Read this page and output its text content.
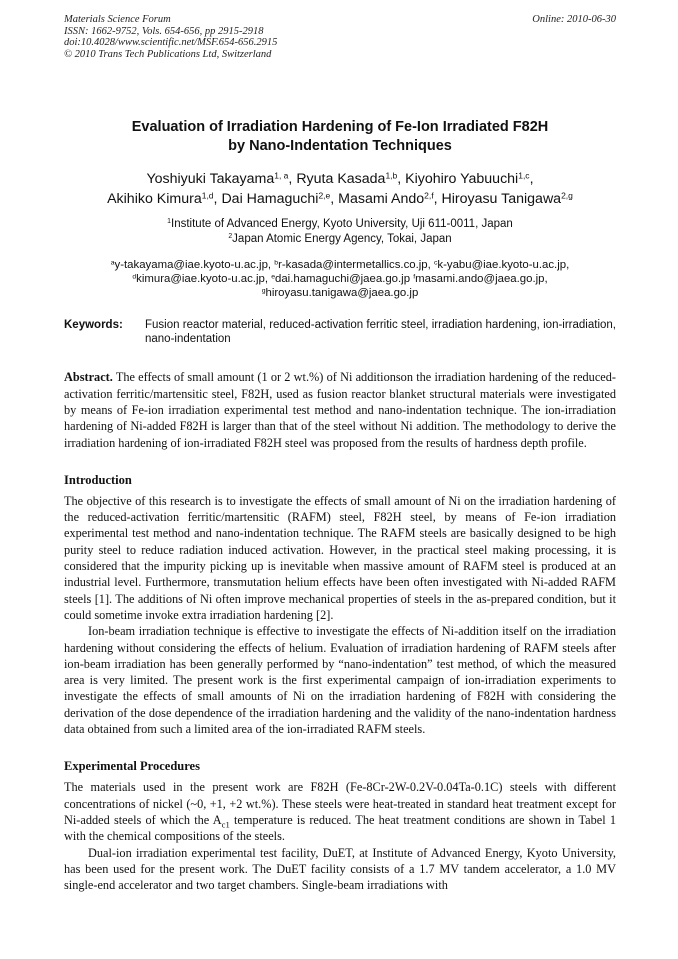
Materials Science Forum
ISSN: 1662-9752, Vols. 654-656, pp 2915-2918
doi:10.4028/www.scientific.net/MSF.654-656.2915
© 2010 Trans Tech Publications Ltd, Switzerland
Online: 2010-06-30
Evaluation of Irradiation Hardening of Fe-Ion Irradiated F82H
by Nano-Indentation Techniques
Yoshiyuki Takayama$^{1, a}$, Ryuta Kasada$^{1,b}$, Kiyohiro Yabuuchi$^{1,c}$,
Akihiko Kimura$^{1,d}$, Dai Hamaguchi$^{2,e}$, Masami Ando$^{2,f}$, Hiroyasu Tanigawa$^{2,g}$
$^1$Institute of Advanced Energy, Kyoto University, Uji 611-0011, Japan
$^2$Japan Atomic Energy Agency, Tokai, Japan
$^a$y-takayama@iae.kyoto-u.ac.jp, $^b$r-kasada@intermetallics.co.jp, $^c$k-yabu@iae.kyoto-u.ac.jp,
$^d$kimura@iae.kyoto-u.ac.jp, $^e$dai.hamaguchi@jaea.go.jp $^f$masami.ando@jaea.go.jp,
$^g$hiroyasu.tanigawa@jaea.go.jp
Keywords:	Fusion reactor material, reduced-activation ferritic steel, irradiation hardening, ion-irradiation, nano-indentation
Abstract. The effects of small amount (1 or 2 wt.%) of Ni additionson the irradiation hardening of the reduced-activation ferritic/martensitic steel, F82H, used as fusion reactor blanket structural materials were investigated by means of Fe-ion irradiation experimental test method and nano-indentation technique. The ion-irradiation hardening of Ni-added F82H is larger than that of the steel without Ni addition. The methodology to derive the irradiation hardening of ion-irradiated F82H steel was proposed from the results of hardness depth profile.
Introduction

The objective of this research is to investigate the effects of small amount of Ni on the irradiation hardening of the reduced-activation ferritic/martensitic (RAFM) steel, F82H steel, by means of Fe-ion irradiation experimental test method and nano-indentation technique. The RAFM steels are basically designed to be high purity steel to reduce radiation induced activation. However, in the practical steel making processing, it is considered that the impurity picking up is inevitable when massive amount of RAFM steel is produced at an industrial level. Furthermore, transmutation helium effects have been often investigated with Ni-added RAFM steels [1]. The additions of Ni often improve mechanical properties of steels in the as-prepared condition, but it could sometime invoke extra irradiation hardening [2].

Ion-beam irradiation technique is effective to investigate the effects of Ni-addition itself on the irradiation hardening without considering the effects of helium. Evaluation of irradiation hardening of RAFM steels after ion-beam irradiation has been generally performed by “nano-indentation” test method, of which the measured area is very limited. The present work is the first experimental campaign of ion-irradiation experiments to investigate the effects of small amounts of Ni on the irradiation hardening of F82H with considering the derivation of the dose dependence of the irradiation hardening and the validity of the nano-indentation hardness data obtained from such a limited area of the ion-irradiated RAFM steels.

Experimental Procedures

The materials used in the present work are F82H (Fe-8Cr-2W-0.2V-0.04Ta-0.1C) steels with different concentrations of nickel (~0, +1, +2 wt.%). These steels were heat-treated in standard heat treatment except for Ni-added steels of which the $A_{c1}$ temperature is reduced. The heat treatment conditions are shown in Tabel 1 with the chemical compositions of the steels.

Dual-ion irradiation experimental test facility, DuET, at Institute of Advanced Energy, Kyoto University, has been used for the present work. The DuET facility consists of a 1.7 MV tandem accelerator, a 1.0 MV single-end accelerator and two target chambers. Single-beam irradiations with
